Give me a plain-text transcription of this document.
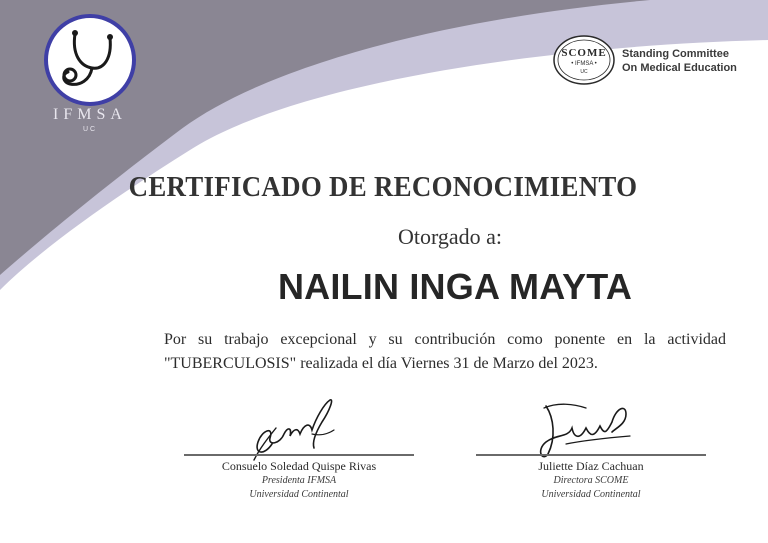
IFMSA
UC
SCOME
• IFMSA •
UC
Standing Committee
On Medical Education
CERTIFICADO DE RECONOCIMIENTO
Otorgado a:
NAILIN INGA MAYTA
Por su trabajo excepcional y su contribución como ponente en la actividad "TUBERCULOSIS" realizada el día Viernes 31 de Marzo del 2023.
Consuelo Soledad Quispe Rivas
Presidenta IFMSA
Universidad Continental
Juliette Díaz Cachuan
Directora SCOME
Universidad Continental
